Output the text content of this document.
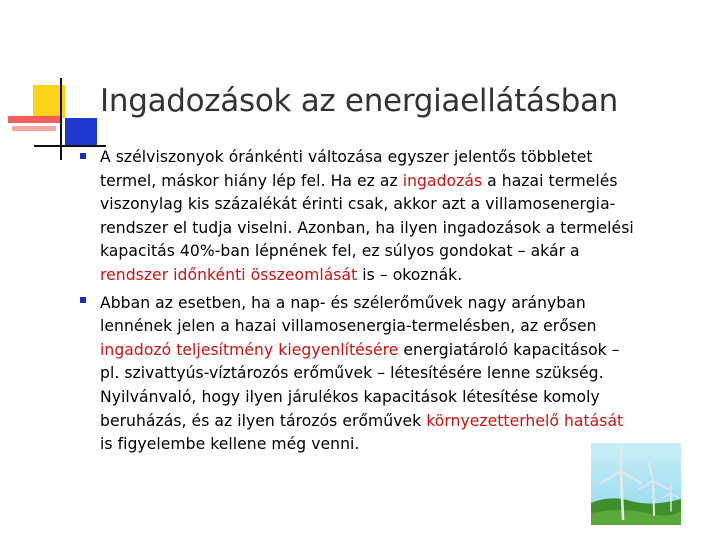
Ingadozások az energiaellátásban
A szélviszonyok óránkénti változása egyszer jelentős többletet
termel, máskor hiány lép fel. Ha ez az ingadozás a hazai termelés
viszonylag kis százalékát érinti csak, akkor azt a villamosenergia-
rendszer el tudja viselni. Azonban, ha ilyen ingadozások a termelési
kapacitás 40%-ban lépnének fel, ez súlyos gondokat – akár a
rendszer időnkénti összeomlását is – okoznák.
Abban az esetben, ha a nap- és szélerőművek nagy arányban
lennének jelen a hazai villamosenergia-termelésben, az erősen
ingadozó teljesítmény kiegyenlítésére energiatároló kapacitások –
pl. szivattyús-víztározós erőművek – létesítésére lenne szükség.
Nyilvánvaló, hogy ilyen járulékos kapacitások létesítése komoly
beruházás, és az ilyen tározós erőművek környezetterhelő hatását
is figyelembe kellene még venni.
